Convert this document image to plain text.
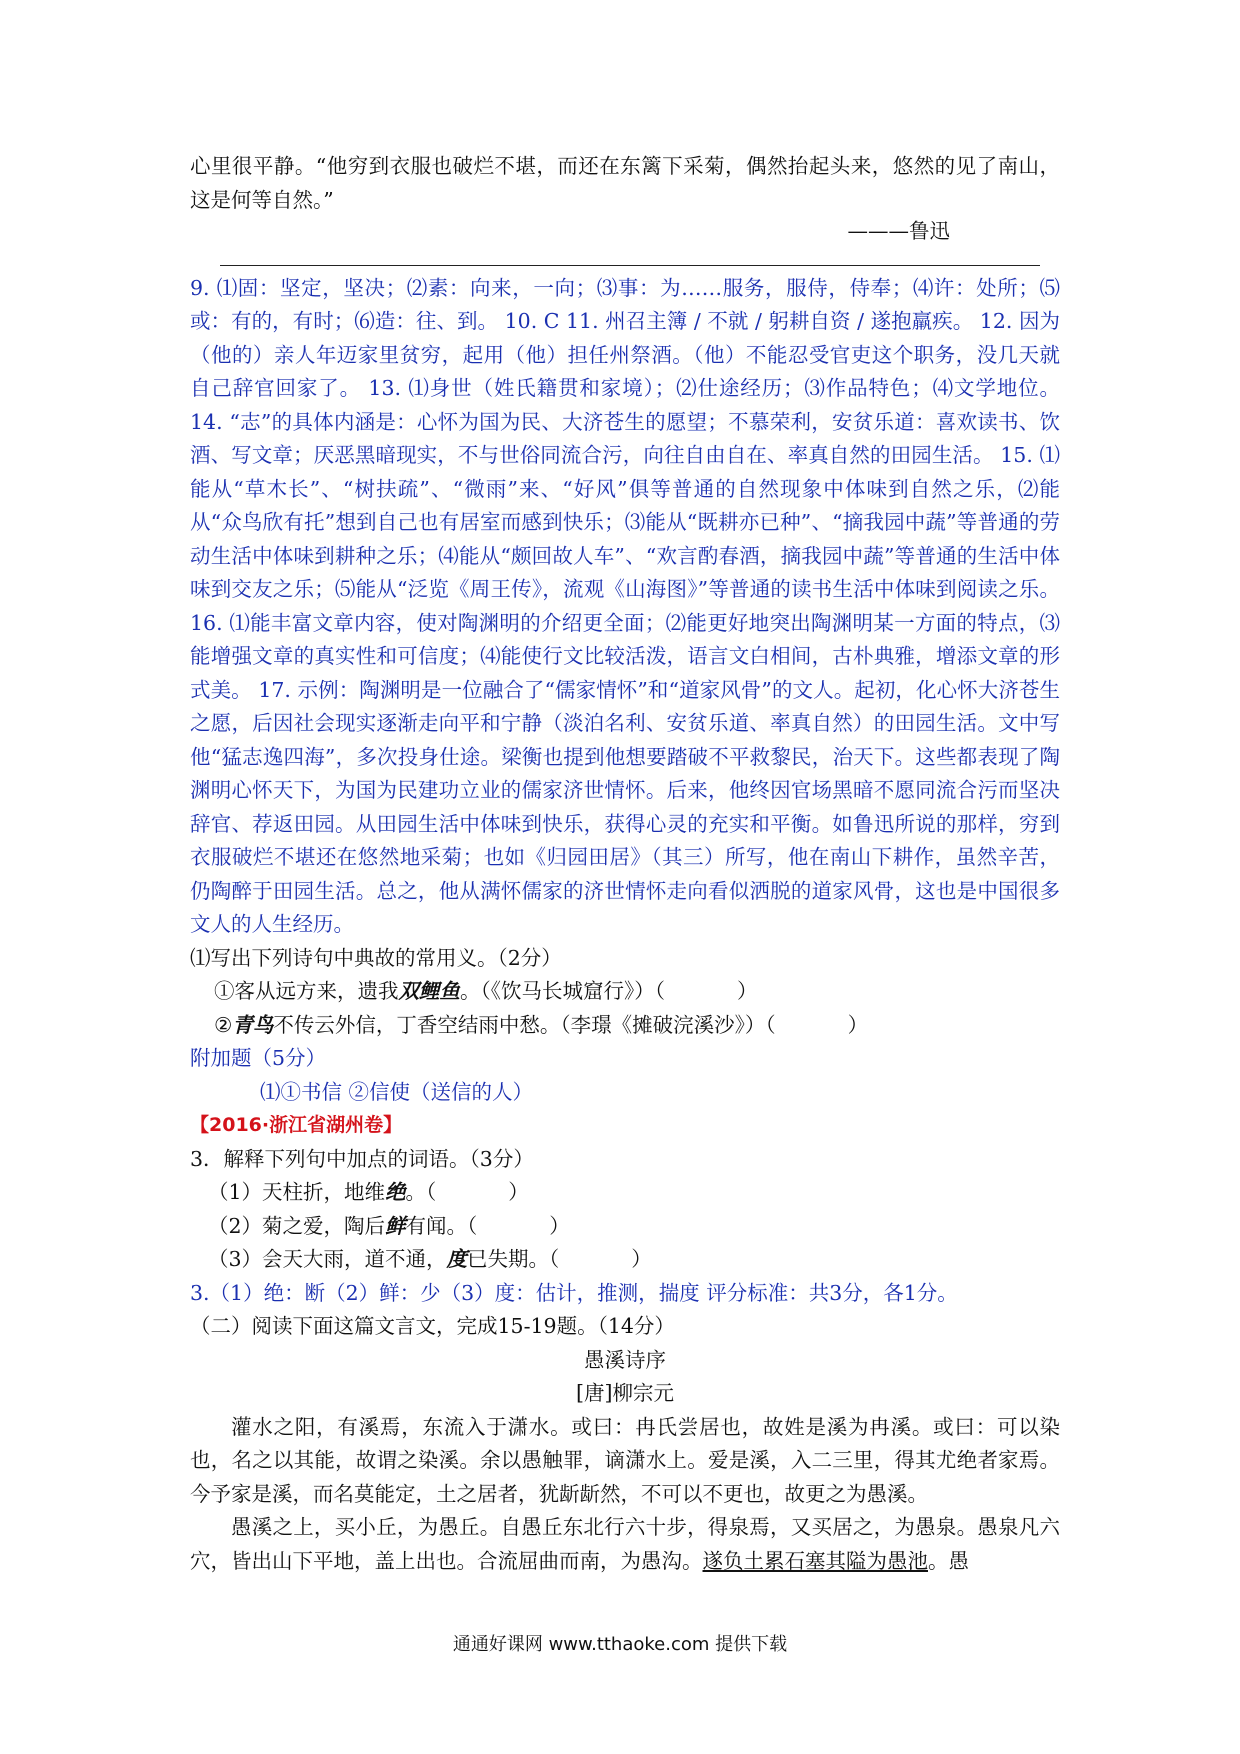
心里很平静。“他穷到衣服也破烂不堪，而还在东篱下采菊，偶然抬起头来，悠然的见了南山，这是何等自然。”
———鲁迅
9. ⑴固：坚定，坚决；⑵素：向来，一向；⑶事：为……服务，服侍，侍奉；⑷许：处所；⑸或：有的，有时；⑹造：往、到。 10. C 11. 州召主簿 / 不就 / 躬耕自资 / 遂抱羸疾。 12. 因为（他的）亲人年迈家里贫穷，起用（他）担任州祭酒。（他）不能忍受官吏这个职务，没几天就自己辞官回家了。 13. ⑴身世（姓氏籍贯和家境）；⑵仕途经历；⑶作品特色；⑷文学地位。 14. “志”的具体内涵是：心怀为国为民、大济苍生的愿望；不慕荣利，安贫乐道：喜欢读书、饮酒、写文章；厌恶黑暗现实，不与世俗同流合污，向往自由自在、率真自然的田园生活。 15. ⑴能从“草木长”、“树扶疏”、“微雨”来、“好风”俱等普通的自然现象中体味到自然之乐，⑵能从“众鸟欣有托”想到自己也有居室而感到快乐；⑶能从“既耕亦已种”、“摘我园中蔬”等普通的劳动生活中体味到耕种之乐；⑷能从“颇回故人车”、“欢言酌春酒，摘我园中蔬”等普通的生活中体味到交友之乐；⑸能从“泛览《周王传》，流观《山海图》”等普通的读书生活中体味到阅读之乐。16. ⑴能丰富文章内容，使对陶渊明的介绍更全面；⑵能更好地突出陶渊明某一方面的特点，⑶能增强文章的真实性和可信度；⑷能使行文比较活泼，语言文白相间，古朴典雅，增添文章的形式美。 17. 示例：陶渊明是一位融合了“儒家情怀”和“道家风骨”的文人。起初，化心怀大济苍生之愿，后因社会现实逐渐走向平和宁静（淡泊名利、安贫乐道、率真自然）的田园生活。文中写他“猛志逸四海”，多次投身仕途。梁衡也提到他想要踏破不平救黎民，治天下。这些都表现了陶渊明心怀天下，为国为民建功立业的儒家济世情怀。后来，他终因官场黑暗不愿同流合污而坚决辞官、荐返田园。从田园生活中体味到快乐，获得心灵的充实和平衡。如鲁迅所说的那样，穷到衣服破烂不堪还在悠然地采菊；也如《归园田居》（其三）所写，他在南山下耕作，虽然辛苦，仍陶醉于田园生活。总之，他从满怀儒家的济世情怀走向看似洒脱的道家风骨，这也是中国很多文人的人生经历。
⑴写出下列诗句中典故的常用义。（2分）
①客从远方来，遗我双鲤鱼。（《饮马长城窟行》）（	）
②青鸟不传云外信，丁香空结雨中愁。（李璟《摊破浣溪沙》）（	）
附加题（5分）
⑴①书信 ②信使（送信的人）
【2016·浙江省湖州卷】
3．解释下列句中加点的词语。（3分）
（1）天柱折，地维绝。（	）
（2）菊之爱，陶后鲜有闻。（	）
（3）会天大雨，道不通，度已失期。（	）
3.（1）绝：断（2）鲜：少（3）度：估计，推测，揣度 评分标准：共3分，各1分。
（二）阅读下面这篇文言文，完成15-19题。（14分）
愚溪诗序
[唐]柳宗元
灌水之阳，有溪焉，东流入于潇水。或曰：冉氏尝居也，故姓是溪为冉溪。或曰：可以染也，名之以其能，故谓之染溪。余以愚触罪，谪潇水上。爱是溪，入二三里，得其尤绝者家焉。今予家是溪，而名莫能定，土之居者，犹龂龂然，不可以不更也，故更之为愚溪。
愚溪之上，买小丘，为愚丘。自愚丘东北行六十步，得泉焉，又买居之，为愚泉。愚泉凡六穴，皆出山下平地，盖上出也。合流屈曲而南，为愚沟。遂负土累石塞其隘为愚池。愚
通通好课网 www.tthaoke.com 提供下载
